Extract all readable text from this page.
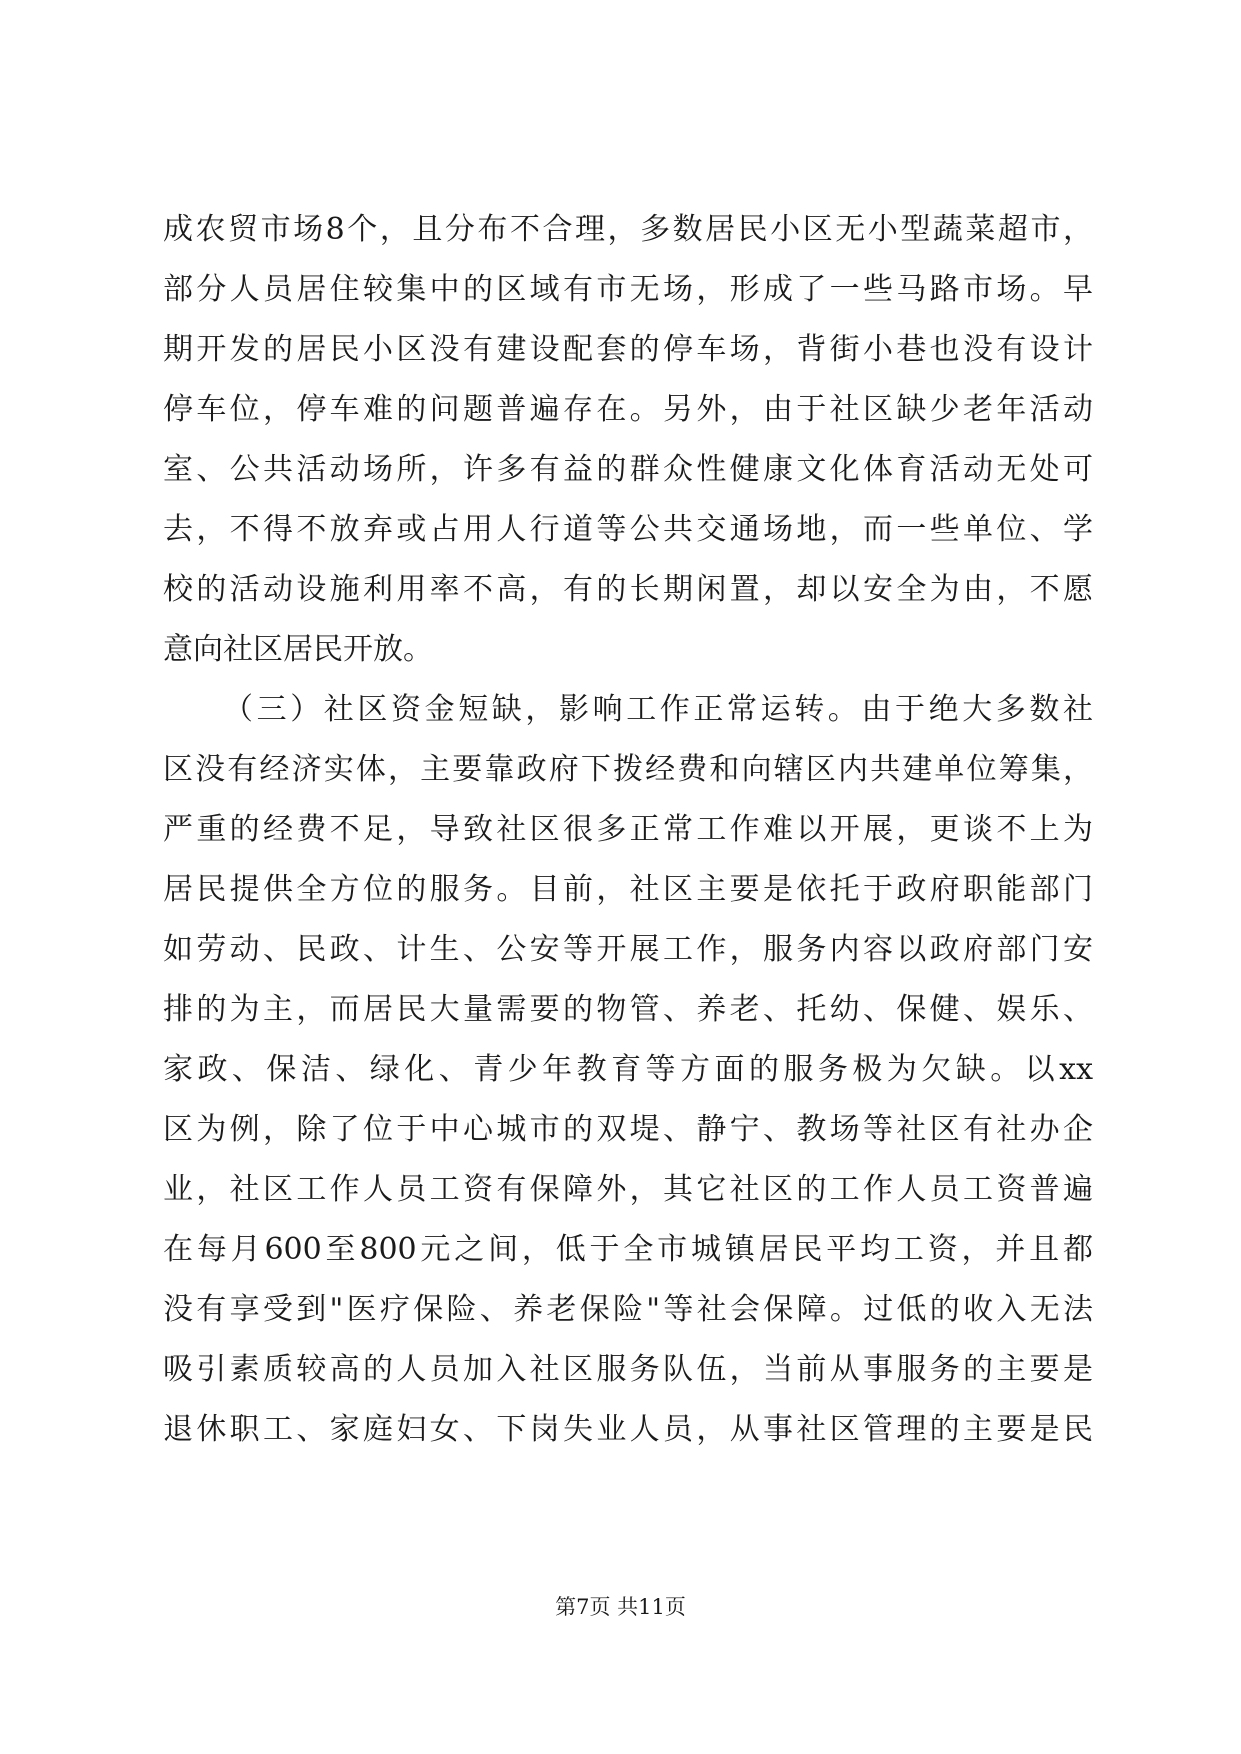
成农贸市场8个，且分布不合理，多数居民小区无小型蔬菜超市，
部分人员居住较集中的区域有市无场，形成了一些马路市场。早
期开发的居民小区没有建设配套的停车场，背街小巷也没有设计
停车位，停车难的问题普遍存在。另外，由于社区缺少老年活动
室、公共活动场所，许多有益的群众性健康文化体育活动无处可
去，不得不放弃或占用人行道等公共交通场地，而一些单位、学
校的活动设施利用率不高，有的长期闲置，却以安全为由，不愿
意向社区居民开放。
（三）社区资金短缺，影响工作正常运转。由于绝大多数社
区没有经济实体，主要靠政府下拨经费和向辖区内共建单位筹集，
严重的经费不足，导致社区很多正常工作难以开展，更谈不上为
居民提供全方位的服务。目前，社区主要是依托于政府职能部门
如劳动、民政、计生、公安等开展工作，服务内容以政府部门安
排的为主，而居民大量需要的物管、养老、托幼、保健、娱乐、
家政、保洁、绿化、青少年教育等方面的服务极为欠缺。以xx
区为例，除了位于中心城市的双堤、静宁、教场等社区有社办企
业，社区工作人员工资有保障外，其它社区的工作人员工资普遍
在每月600至800元之间，低于全市城镇居民平均工资，并且都
没有享受到"医疗保险、养老保险"等社会保障。过低的收入无法
吸引素质较高的人员加入社区服务队伍，当前从事服务的主要是
退休职工、家庭妇女、下岗失业人员，从事社区管理的主要是民
第7页 共11页
